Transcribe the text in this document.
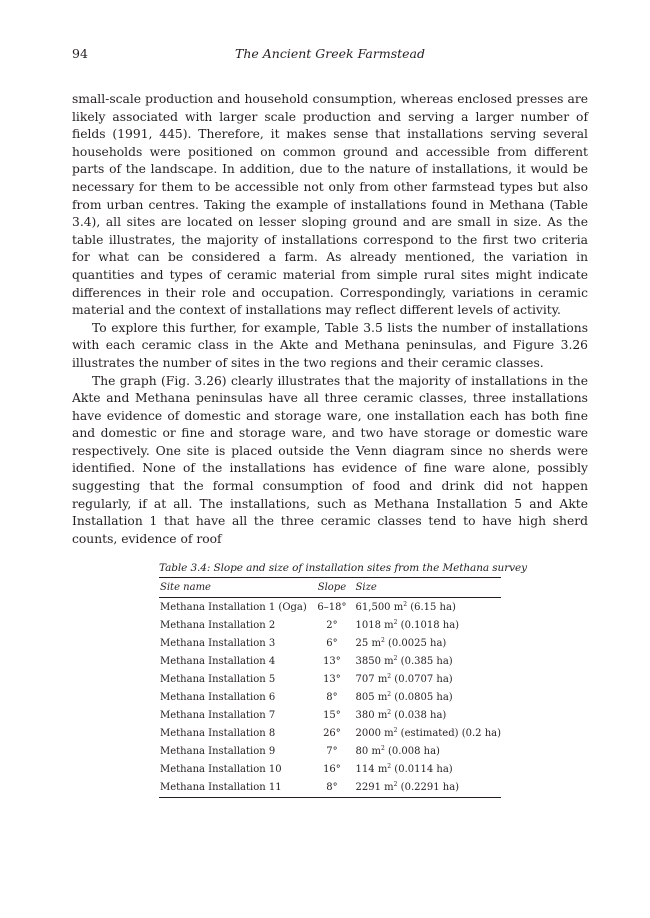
94	The Ancient Greek Farmstead

small-scale production and household consumption, whereas enclosed presses are likely associated with larger scale production and serving a larger number of fields (1991, 445). Therefore, it makes sense that installations serving several households were positioned on common ground and accessible from different parts of the landscape. In addition, due to the nature of installations, it would be necessary for them to be accessible not only from other farmstead types but also from urban centres. Taking the example of installations found in Methana (Table 3.4), all sites are located on lesser sloping ground and are small in size. As the table illustrates, the majority of installations correspond to the first two criteria for what can be considered a farm. As already mentioned, the variation in quantities and types of ceramic material from simple rural sites might indicate differences in their role and occupation. Correspondingly, variations in ceramic material and the context of installations may reflect different levels of activity.

To explore this further, for example, Table 3.5 lists the number of installations with each ceramic class in the Akte and Methana peninsulas, and Figure 3.26 illustrates the number of sites in the two regions and their ceramic classes.

The graph (Fig. 3.26) clearly illustrates that the majority of installations in the Akte and Methana peninsulas have all three ceramic classes, three installations have evidence of domestic and storage ware, one installation each has both fine and domestic or fine and storage ware, and two have storage or domestic ware respectively. One site is placed outside the Venn diagram since no sherds were identified. None of the installations has evidence of fine ware alone, possibly suggesting that the formal consumption of food and drink did not happen regularly, if at all. The installations, such as Methana Installation 5 and Akte Installation 1 that have all the three ceramic classes tend to have high sherd counts, evidence of roof

Table 3.4: Slope and size of installation sites from the Methana survey
Site name	Slope	Size
Methana Installation 1 (Oga)	6–18°	61,500 $m^2$ (6.15 ha)
Methana Installation 2	2°	1018 $m^2$ (0.1018 ha)
Methana Installation 3	6°	25 $m^2$ (0.0025 ha)
Methana Installation 4	13°	3850 $m^2$ (0.385 ha)
Methana Installation 5	13°	707 $m^2$ (0.0707 ha)
Methana Installation 6	8°	805 $m^2$ (0.0805 ha)
Methana Installation 7	15°	380 $m^2$ (0.038 ha)
Methana Installation 8	26°	2000 $m^2$ (estimated) (0.2 ha)
Methana Installation 9	7°	80 $m^2$ (0.008 ha)
Methana Installation 10	16°	114 $m^2$ (0.0114 ha)
Methana Installation 11	8°	2291 $m^2$ (0.2291 ha)
